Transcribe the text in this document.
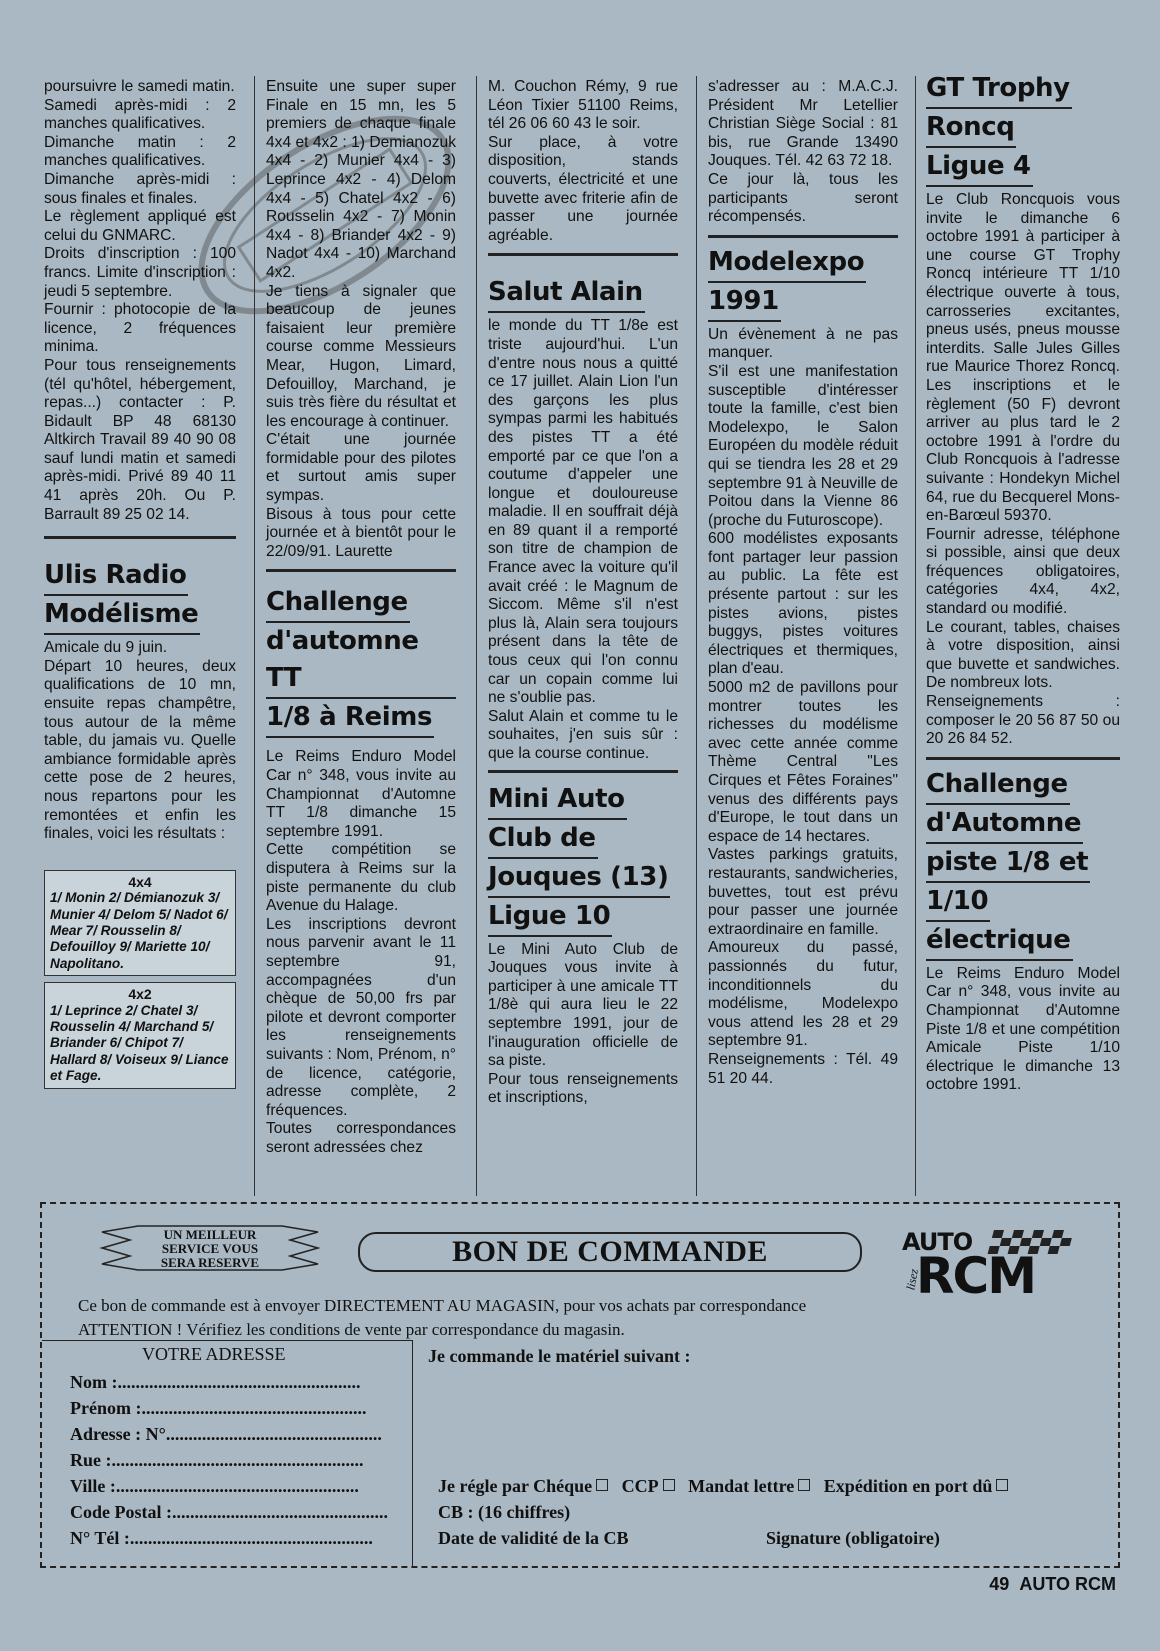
poursuivre le samedi matin.

Samedi après-midi : 2 manches qualificatives.

Dimanche matin : 2 manches qualificatives.

Dimanche après-midi : sous finales et finales.

Le règlement appliqué est celui du GNMARC.

Droits d'inscription : 100 francs. Limite d'inscription : jeudi 5 septembre.

Fournir : photocopie de la licence, 2 fréquences minima.

Pour tous renseignements (tél qu'hôtel, hébergement, repas...) contacter : P. Bidault BP 48 68130 Altkirch Travail 89 40 90 08 sauf lundi matin et samedi après-midi. Privé 89 40 11 41 après 20h. Ou P. Barrault 89 25 02 14.

Ulis Radio
Modélisme

Amicale du 9 juin.

Départ 10 heures, deux qualifications de 10 mn, ensuite repas champêtre, tous autour de la même table, du jamais vu. Quelle ambiance formidable après cette pose de 2 heures, nous repartons pour les remontées et enfin les finales, voici les résultats :

4x4
1/ Monin 2/ Démianozuk 3/ Munier 4/ Delom 5/ Nadot 6/ Mear 7/ Rousselin 8/ Defouilloy 9/ Mariette 10/ Napolitano.
4x2
1/ Leprince 2/ Chatel 3/ Rousselin 4/ Marchand 5/ Briander 6/ Chipot 7/ Hallard 8/ Voiseux 9/ Liance et Fage.

Ensuite une super super Finale en 15 mn, les 5 premiers de chaque finale 4x4 et 4x2 : 1) Demianozuk 4x4 - 2) Munier 4x4 - 3) Leprince 4x2 - 4) Delom 4x4 - 5) Chatel 4x2 - 6) Rousselin 4x2 - 7) Monin 4x4 - 8) Briander 4x2 - 9) Nadot 4x4 - 10) Marchand 4x2.

Je tiens à signaler que beaucoup de jeunes faisaient leur première course comme Messieurs Mear, Hugon, Limard, Defouilloy, Marchand, je suis très fière du résultat et les encourage à continuer.

C'était une journée formidable pour des pilotes et surtout amis super sympas.

Bisous à tous pour cette journée et à bientôt pour le 22/09/91. Laurette

Challenge
d'automne TT
1/8 à Reims

Le Reims Enduro Model Car n° 348, vous invite au Championnat d'Automne TT 1/8 dimanche 15 septembre 1991.

Cette compétition se disputera à Reims sur la piste permanente du club Avenue du Halage.

Les inscriptions devront nous parvenir avant le 11 septembre 91, accompagnées d'un chèque de 50,00 frs par pilote et devront comporter les renseignements suivants : Nom, Prénom, n° de licence, catégorie, adresse complète, 2 fréquences.

Toutes correspondances seront adressées chez

M. Couchon Rémy, 9 rue Léon Tixier 51100 Reims, tél 26 06 60 43 le soir.

Sur place, à votre disposition, stands couverts, électricité et une buvette avec friterie afin de passer une journée agréable.

Salut Alain

le monde du TT 1/8e est triste aujourd'hui. L'un d'entre nous nous a quitté ce 17 juillet. Alain Lion l'un des garçons les plus sympas parmi les habitués des pistes TT a été emporté par ce que l'on a coutume d'appeler une longue et douloureuse maladie. Il en souffrait déjà en 89 quant il a remporté son titre de champion de France avec la voiture qu'il avait créé : le Magnum de Siccom. Même s'il n'est plus là, Alain sera toujours présent dans la tête de tous ceux qui l'on connu car un copain comme lui ne s'oublie pas.

Salut Alain et comme tu le souhaites, j'en suis sûr : que la course continue.

Mini Auto
Club de
Jouques (13)
Ligue 10

Le Mini Auto Club de Jouques vous invite à participer à une amicale TT 1/8è qui aura lieu le 22 septembre 1991, jour de l'inauguration officielle de sa piste.

Pour tous renseignements et inscriptions,

s'adresser au : M.A.C.J. Président Mr Letellier Christian Siège Social : 81 bis, rue Grande 13490 Jouques. Tél. 42 63 72 18.

Ce jour là, tous les participants seront récompensés.

Modelexpo
1991

Un évènement à ne pas manquer.

S'il est une manifestation susceptible d'intéresser toute la famille, c'est bien Modelexpo, le Salon Européen du modèle réduit qui se tiendra les 28 et 29 septembre 91 à Neuville de Poitou dans la Vienne 86 (proche du Futuroscope).

600 modélistes exposants font partager leur passion au public. La fête est présente partout : sur les pistes avions, pistes buggys, pistes voitures électriques et thermiques, plan d'eau.

5000 m2 de pavillons pour montrer toutes les richesses du modélisme avec cette année comme Thème Central "Les Cirques et Fêtes Foraines" venus des différents pays d'Europe, le tout dans un espace de 14 hectares.

Vastes parkings gratuits, restaurants, sandwicheries, buvettes, tout est prévu pour passer une journée extraordinaire en famille.

Amoureux du passé, passionnés du futur, inconditionnels du modélisme, Modelexpo vous attend les 28 et 29 septembre 91.

Renseignements : Tél. 49 51 20 44.

GT Trophy
Roncq
Ligue 4

Le Club Roncquois vous invite le dimanche 6 octobre 1991 à participer à une course GT Trophy Roncq intérieure TT 1/10 électrique ouverte à tous, carrosseries excitantes, pneus usés, pneus mousse interdits. Salle Jules Gilles rue Maurice Thorez Roncq. Les inscriptions et le règlement (50 F) devront arriver au plus tard le 2 octobre 1991 à l'ordre du Club Roncquois à l'adresse suivante : Hondekyn Michel 64, rue du Becquerel Mons-en-Barœul 59370.

Fournir adresse, téléphone si possible, ainsi que deux fréquences obligatoires, catégories 4x4, 4x2, standard ou modifié.

Le courant, tables, chaises à votre disposition, ainsi que buvette et sandwiches. De nombreux lots.

Renseignements : composer le 20 56 87 50 ou 20 26 84 52.

Challenge
d'Automne
piste 1/8 et
1/10
électrique

Le Reims Enduro Model Car n° 348, vous invite au Championnat d'Automne Piste 1/8 et une compétition Amicale Piste 1/10 électrique le dimanche 13 octobre 1991.

UN MEILLEUR
SERVICE VOUS
SERA RESERVE	BON DE COMMANDE	AUTO
lisez
RCM
Ce bon de commande est à envoyer DIRECTEMENT AU MAGASIN, pour vos achats par correspondance
ATTENTION ! Vérifiez les conditions de vente par correspondance du magasin.
VOTRE ADRESSE
Nom :......................................................
Prénom :..................................................
Adresse : N°................................................
Rue :........................................................
Ville :......................................................
Code Postal :................................................
N° Tél :......................................................
Je commande le matériel suivant :
Je régle par Chéque CCP Mandat lettre Expédition en port dû
CB : (16 chiffres)
Date de validité de la CB	Signature (obligatoire)
49 AUTO RCM
